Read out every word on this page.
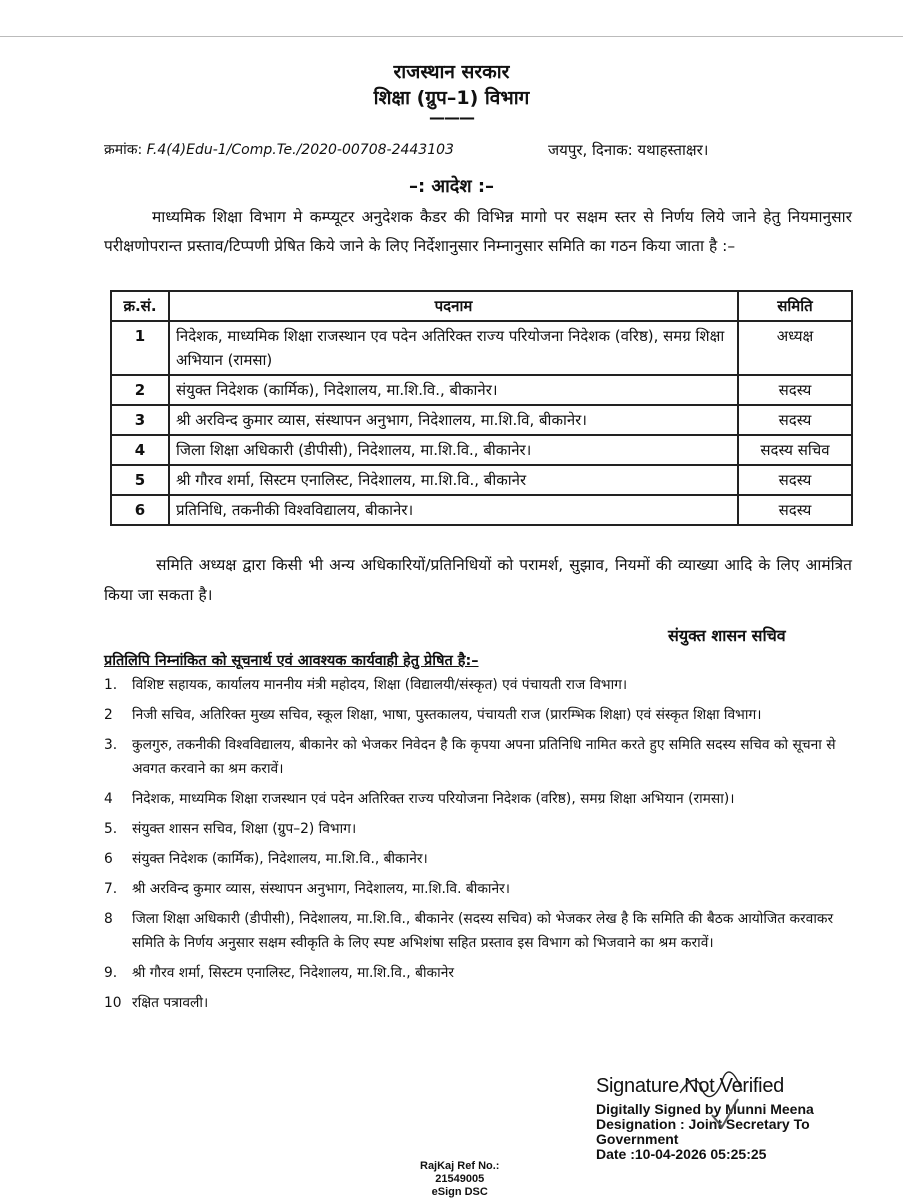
राजस्थान सरकार
शिक्षा (ग्रुप–1) विभाग
———
क्रमांक: F.4(4)Edu-1/Comp.Te./2020-00708-2443103	जयपुर, दिनाक: यथाहस्ताक्षर।
–: आदेश :–
माध्यमिक शिक्षा विभाग मे कम्प्यूटर अनुदेशक कैडर की विभिन्न मागो पर सक्षम स्तर से निर्णय लिये जाने हेतु नियमानुसार परीक्षणोपरान्त प्रस्ताव/टिप्पणी प्रेषित किये जाने के लिए निर्देशानुसार निम्नानुसार समिति का गठन किया जाता है :–
क्र.सं.	पदनाम	समिति
1	निदेशक, माध्यमिक शिक्षा राजस्थान एव पदेन अतिरिक्त राज्य परियोजना निदेशक (वरिष्ठ), समग्र शिक्षा अभियान (रामसा)	अध्यक्ष
2	संयुक्त निदेशक (कार्मिक), निदेशालय, मा.शि.वि., बीकानेर।	सदस्य
3	श्री अरविन्द कुमार व्यास, संस्थापन अनुभाग, निदेशालय, मा.शि.वि, बीकानेर।	सदस्य
4	जिला शिक्षा अधिकारी (डीपीसी), निदेशालय, मा.शि.वि., बीकानेर।	सदस्य सचिव
5	श्री गौरव शर्मा, सिस्टम एनालिस्ट, निदेशालय, मा.शि.वि., बीकानेर	सदस्य
6	प्रतिनिधि, तकनीकी विश्वविद्यालय, बीकानेर।	सदस्य
समिति अध्यक्ष द्वारा किसी भी अन्य अधिकारियों/प्रतिनिधियों को परामर्श, सुझाव, नियमों की व्याख्या आदि के लिए आमंत्रित किया जा सकता है।
संयुक्त शासन सचिव
प्रतिलिपि निम्नांकित को सूचनार्थ एवं आवश्यक कार्यवाही हेतु प्रेषित है:–
1. विशिष्ट सहायक, कार्यालय माननीय मंत्री महोदय, शिक्षा (विद्यालयी/संस्कृत) एवं पंचायती राज विभाग।
2 निजी सचिव, अतिरिक्त मुख्य सचिव, स्कूल शिक्षा, भाषा, पुस्तकालय, पंचायती राज (प्रारम्भिक शिक्षा) एवं संस्कृत शिक्षा विभाग।
3. कुलगुरु, तकनीकी विश्वविद्यालय, बीकानेर को भेजकर निवेदन है कि कृपया अपना प्रतिनिधि नामित करते हुए समिति सदस्य सचिव को सूचना से अवगत करवाने का श्रम करावें।
4 निदेशक, माध्यमिक शिक्षा राजस्थान एवं पदेन अतिरिक्त राज्य परियोजना निदेशक (वरिष्ठ), समग्र शिक्षा अभियान (रामसा)।
5. संयुक्त शासन सचिव, शिक्षा (ग्रुप–2) विभाग।
6 संयुक्त निदेशक (कार्मिक), निदेशालय, मा.शि.वि., बीकानेर।
7. श्री अरविन्द कुमार व्यास, संस्थापन अनुभाग, निदेशालय, मा.शि.वि. बीकानेर।
8 जिला शिक्षा अधिकारी (डीपीसी), निदेशालय, मा.शि.वि., बीकानेर (सदस्य सचिव) को भेजकर लेख है कि समिति की बैठक आयोजित करवाकर समिति के निर्णय अनुसार सक्षम स्वीकृति के लिए स्पष्ट अभिशंषा सहित प्रस्ताव इस विभाग को भिजवाने का श्रम करावें।
9. श्री गौरव शर्मा, सिस्टम एनालिस्ट, निदेशालय, मा.शि.वि., बीकानेर
10 रक्षित पत्रावली।
Signature Not Verified
Digitally Signed by Munni Meena
Designation : Joint Secretary To Government
Date :10-04-2026 05:25:25
RajKaj Ref No.:
21549005
eSign DSC
